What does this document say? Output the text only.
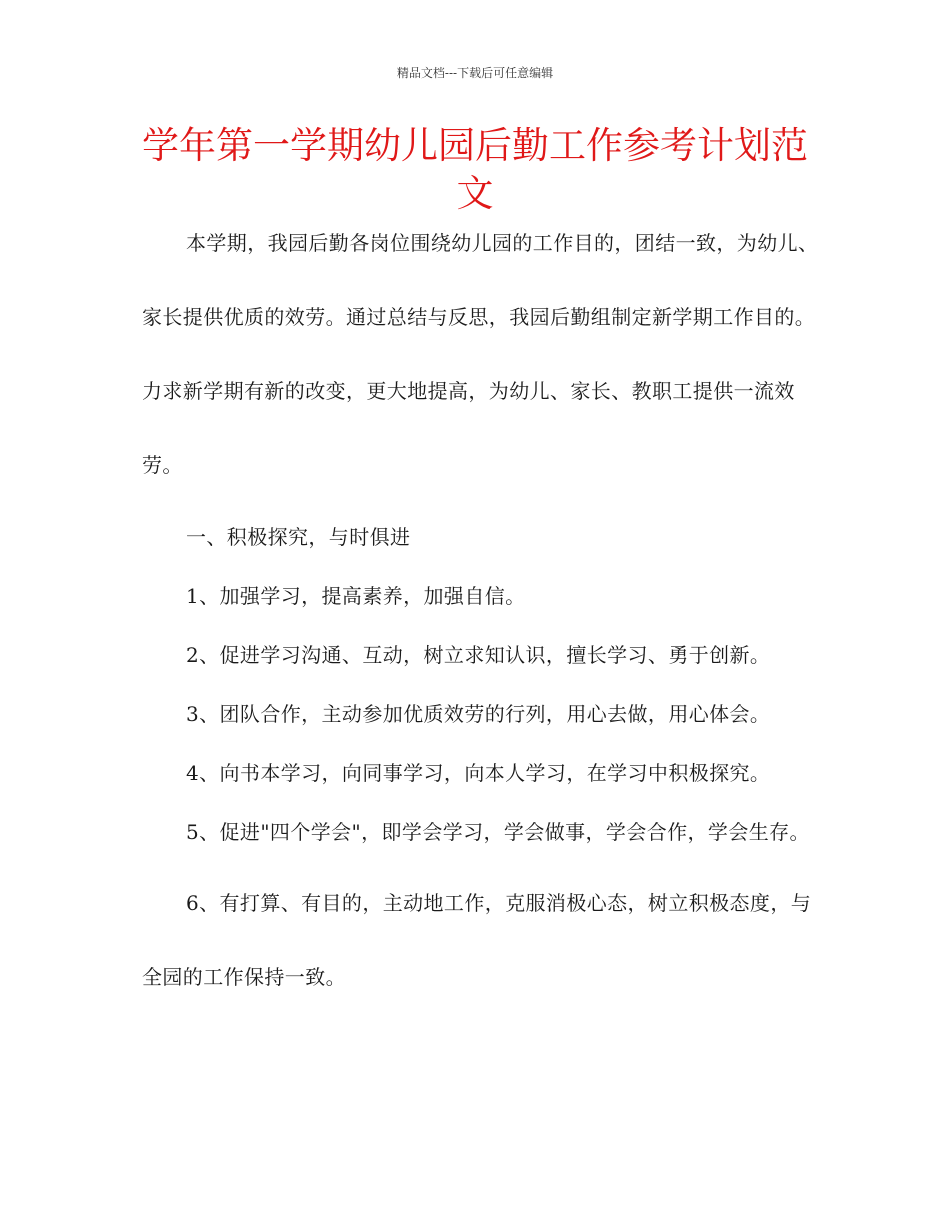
精品文档---下载后可任意编辑
学年第一学期幼儿园后勤工作参考计划范文

本学期，我园后勤各岗位围绕幼儿园的工作目的，团结一致，为幼儿、家长提供优质的效劳。通过总结与反思，我园后勤组制定新学期工作目的。力求新学期有新的改变，更大地提高，为幼儿、家长、教职工提供一流效劳。

一、积极探究，与时俱进

1、加强学习，提高素养，加强自信。

2、促进学习沟通、互动，树立求知认识，擅长学习、勇于创新。

3、团队合作，主动参加优质效劳的行列，用心去做，用心体会。

4、向书本学习，向同事学习，向本人学习，在学习中积极探究。

5、促进"四个学会"，即学会学习，学会做事，学会合作，学会生存。

6、有打算、有目的，主动地工作，克服消极心态，树立积极态度，与全园的工作保持一致。
